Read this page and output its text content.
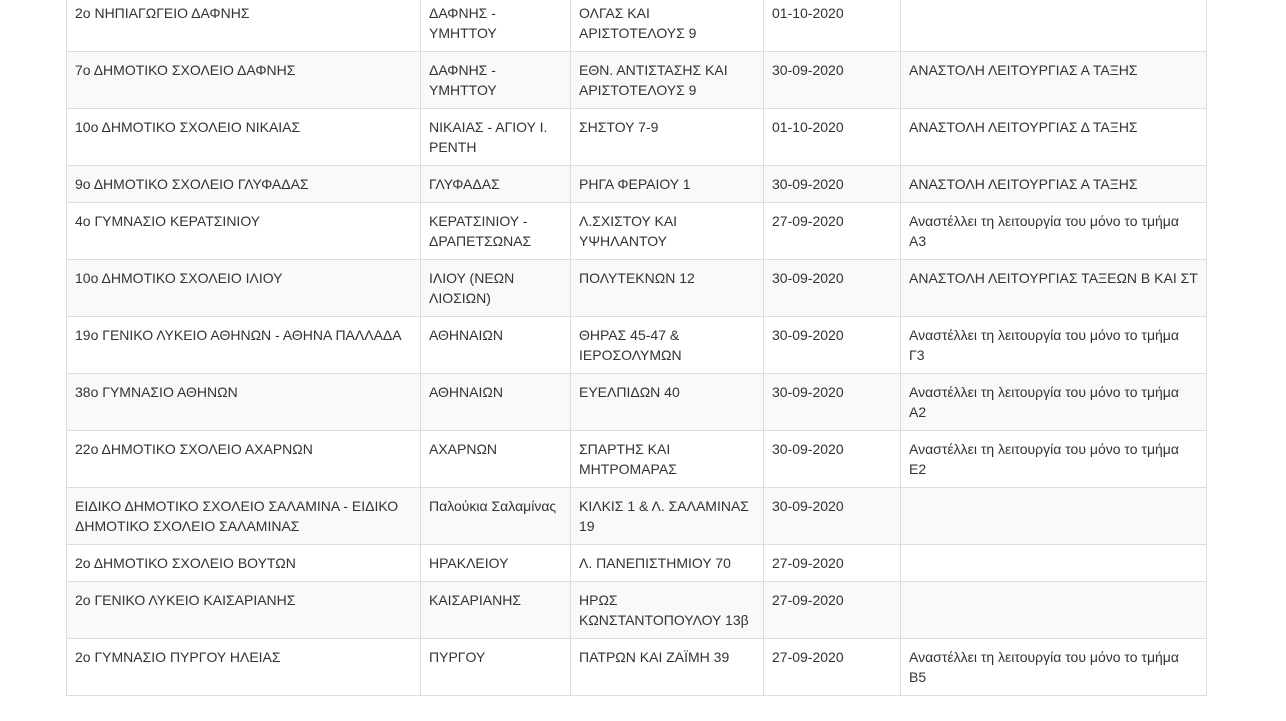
2ο ΝΗΠΙΑΓΩΓΕΙΟ ΔΑΦΝΗΣ	ΔΑΦΝΗΣ - ΥΜΗΤΤΟΥ	ΟΛΓΑΣ ΚΑΙ ΑΡΙΣΤΟΤΕΛΟΥΣ 9	01-10-2020	
7ο ΔΗΜΟΤΙΚΟ ΣΧΟΛΕΙΟ ΔΑΦΝΗΣ	ΔΑΦΝΗΣ - ΥΜΗΤΤΟΥ	ΕΘΝ. ΑΝΤΙΣΤΑΣΗΣ ΚΑΙ ΑΡΙΣΤΟΤΕΛΟΥΣ 9	30-09-2020	ΑΝΑΣΤΟΛΗ ΛΕΙΤΟΥΡΓΙΑΣ Α ΤΑΞΗΣ
10ο ΔΗΜΟΤΙΚΟ ΣΧΟΛΕΙΟ ΝΙΚΑΙΑΣ	ΝΙΚΑΙΑΣ - ΑΓΙΟΥ Ι. ΡΕΝΤΗ	ΣΗΣΤΟΥ 7-9	01-10-2020	ΑΝΑΣΤΟΛΗ ΛΕΙΤΟΥΡΓΙΑΣ Δ ΤΑΞΗΣ
9ο ΔΗΜΟΤΙΚΟ ΣΧΟΛΕΙΟ ΓΛΥΦΑΔΑΣ	ΓΛΥΦΑΔΑΣ	ΡΗΓΑ ΦΕΡΑΙΟΥ 1	30-09-2020	ΑΝΑΣΤΟΛΗ ΛΕΙΤΟΥΡΓΙΑΣ Α ΤΑΞΗΣ
4ο ΓΥΜΝΑΣΙΟ ΚΕΡΑΤΣΙΝΙΟΥ	ΚΕΡΑΤΣΙΝΙΟΥ - ΔΡΑΠΕΤΣΩΝΑΣ	Λ.ΣΧΙΣΤΟΥ ΚΑΙ ΥΨΗΛΑΝΤΟΥ	27-09-2020	Αναστέλλει τη λειτουργία του μόνο το τμήμα Α3
10ο ΔΗΜΟΤΙΚΟ ΣΧΟΛΕΙΟ ΙΛΙΟΥ	ΙΛΙΟΥ (ΝΕΩΝ ΛΙΟΣΙΩΝ)	ΠΟΛΥΤΕΚΝΩΝ 12	30-09-2020	ΑΝΑΣΤΟΛΗ ΛΕΙΤΟΥΡΓΙΑΣ ΤΑΞΕΩΝ Β ΚΑΙ ΣΤ
19ο ΓΕΝΙΚΟ ΛΥΚΕΙΟ ΑΘΗΝΩΝ - ΑΘΗΝΑ ΠΑΛΛΑΔΑ	ΑΘΗΝΑΙΩΝ	ΘΗΡΑΣ 45-47 & ΙΕΡΟΣΟΛΥΜΩΝ	30-09-2020	Αναστέλλει τη λειτουργία του μόνο το τμήμα Γ3
38ο ΓΥΜΝΑΣΙΟ ΑΘΗΝΩΝ	ΑΘΗΝΑΙΩΝ	ΕΥΕΛΠΙΔΩΝ 40	30-09-2020	Αναστέλλει τη λειτουργία του μόνο το τμήμα Α2
22ο ΔΗΜΟΤΙΚΟ ΣΧΟΛΕΙΟ ΑΧΑΡΝΩΝ	ΑΧΑΡΝΩΝ	ΣΠΑΡΤΗΣ ΚΑΙ ΜΗΤΡΟΜΑΡΑΣ	30-09-2020	Αναστέλλει τη λειτουργία του μόνο το τμήμα Ε2
ΕΙΔΙΚΟ ΔΗΜΟΤΙΚΟ ΣΧΟΛΕΙΟ ΣΑΛΑΜΙΝΑ - ΕΙΔΙΚΟ ΔΗΜΟΤΙΚΟ ΣΧΟΛΕΙΟ ΣΑΛΑΜΙΝΑΣ	Παλούκια Σαλαμίνας	ΚΙΛΚΙΣ 1 & Λ. ΣΑΛΑΜΙΝΑΣ 19	30-09-2020	
2ο ΔΗΜΟΤΙΚΟ ΣΧΟΛΕΙΟ ΒΟΥΤΩΝ	ΗΡΑΚΛΕΙΟΥ	Λ. ΠΑΝΕΠΙΣΤΗΜΙΟΥ 70	27-09-2020	
2ο ΓΕΝΙΚΟ ΛΥΚΕΙΟ ΚΑΙΣΑΡΙΑΝΗΣ	ΚΑΙΣΑΡΙΑΝΗΣ	ΗΡΩΣ ΚΩΝΣΤΑΝΤΟΠΟΥΛΟΥ 13β	27-09-2020	
2ο ΓΥΜΝΑΣΙΟ ΠΥΡΓΟΥ ΗΛΕΙΑΣ	ΠΥΡΓΟΥ	ΠΑΤΡΩΝ ΚΑΙ ΖΑΪΜΗ 39	27-09-2020	Αναστέλλει τη λειτουργία του μόνο το τμήμα Β5
